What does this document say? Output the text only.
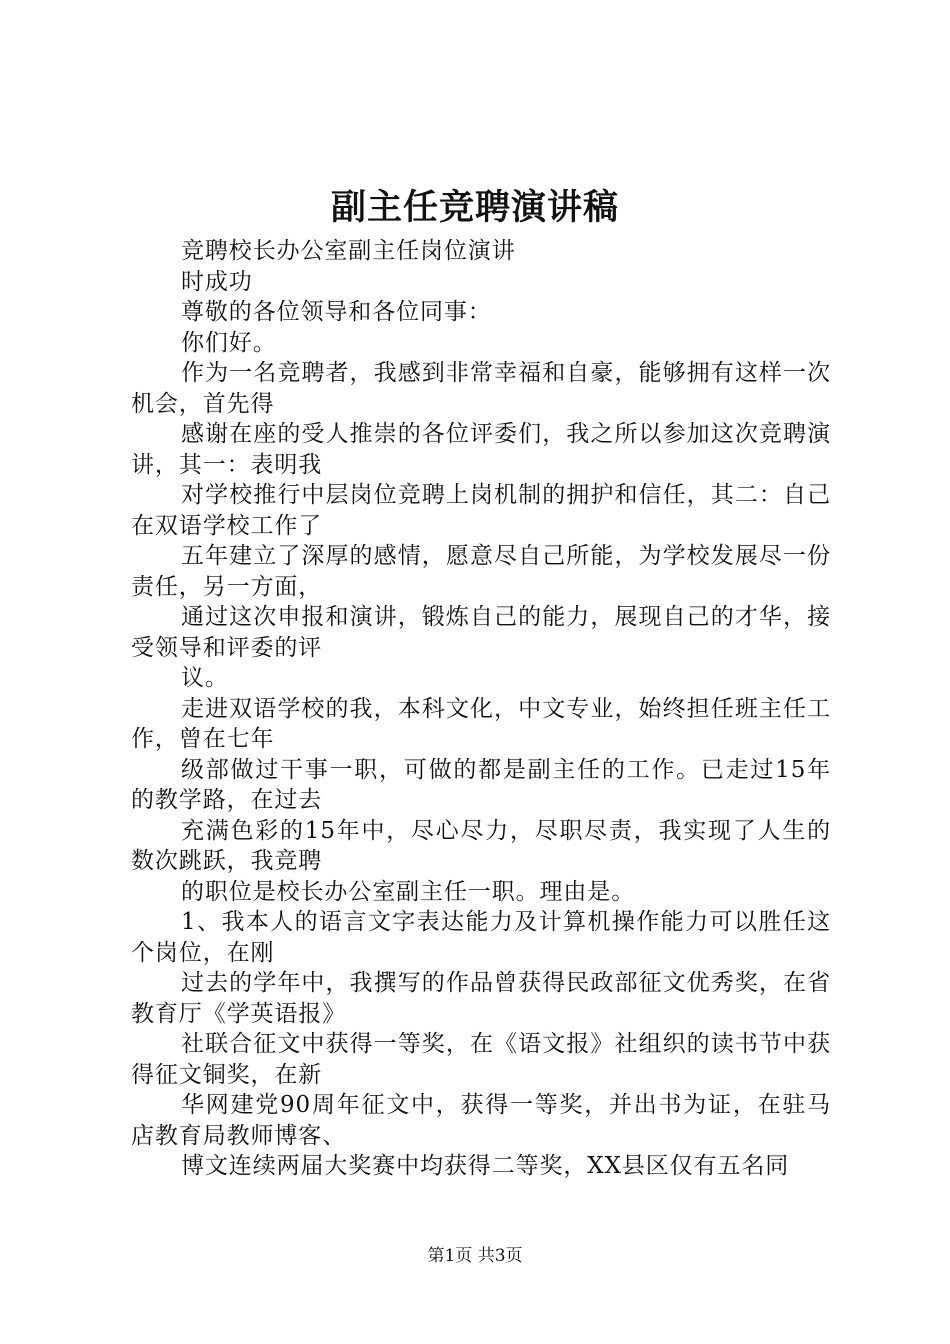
副主任竞聘演讲稿

竞聘校长办公室副主任岗位演讲

时成功

尊敬的各位领导和各位同事：

你们好。

作为一名竞聘者，我感到非常幸福和自豪，能够拥有这样一次机会，首先得

感谢在座的受人推崇的各位评委们，我之所以参加这次竞聘演讲，其一：表明我

对学校推行中层岗位竞聘上岗机制的拥护和信任，其二：自己在双语学校工作了

五年建立了深厚的感情，愿意尽自己所能，为学校发展尽一份责任，另一方面，

通过这次申报和演讲，锻炼自己的能力，展现自己的才华，接受领导和评委的评

议。

走进双语学校的我，本科文化，中文专业，始终担任班主任工作，曾在七年

级部做过干事一职，可做的都是副主任的工作。已走过15年的教学路，在过去

充满色彩的15年中，尽心尽力，尽职尽责，我实现了人生的数次跳跃，我竞聘

的职位是校长办公室副主任一职。理由是。

1、我本人的语言文字表达能力及计算机操作能力可以胜任这个岗位，在刚

过去的学年中，我撰写的作品曾获得民政部征文优秀奖，在省教育厅《学英语报》

社联合征文中获得一等奖，在《语文报》社组织的读书节中获得征文铜奖，在新

华网建党90周年征文中，获得一等奖，并出书为证，在驻马店教育局教师博客、

博文连续两届大奖赛中均获得二等奖，XX县区仅有五名同

第1页 共3页
